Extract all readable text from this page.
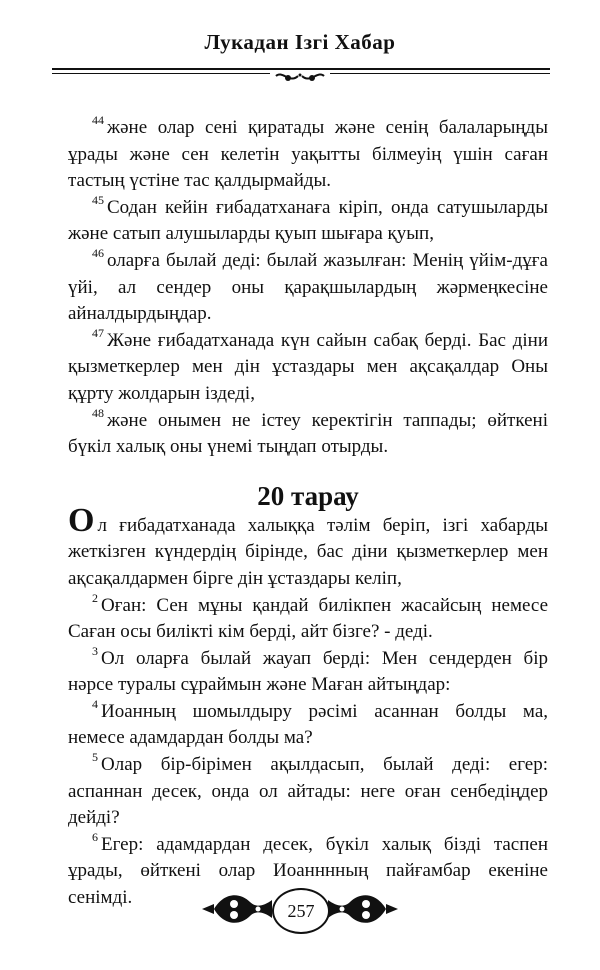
Лукадан Ізгі Хабар

$^{44}$ және олар сені қиратады және сенің балаларыңды ұрады және сен келетін уақытты білмеуің үшін саған тастың үстіне тас қалдырмайды.

$^{45}$ Содан кейін ғибадатханаға кіріп, онда сатушыларды және сатып алушыларды қуып шығара қуып,

$^{46}$ оларға былай деді: былай жазылған: Менің үйім-дұға үйі, ал сендер оны қарақшылардың жәрмеңкесіне айналдырдыңдар.

$^{47}$ Және ғибадатханада күн сайын сабақ берді. Бас діни қызметкерлер мен дін ұстаздары мен ақсақалдар Оны құрту жолдарын іздеді,

$^{48}$ және онымен не істеу керектігін таппады; өйткені бүкіл халық оны үнемі тыңдап отырды.

20 тарау

Ол ғибадатханада халыққа тәлім беріп, ізгі хабарды жеткізген күндердің бірінде, бас діни қызметкерлер мен ақсақалдармен бірге дін ұстаздары келіп,

$^2$ Оған: Сен мұны қандай билікпен жасайсың немесе Саған осы билікті кім берді, айт бізге? - деді.

$^3$ Ол оларға былай жауап берді: Мен сендерден бір нәрсе туралы сұраймын және Маған айтыңдар:

$^4$ Иоанның шомылдыру рәсімі асаннан болды ма, немесе адамдардан болды ма?

$^5$ Олар бір-бірімен ақылдасып, былай деді: егер: аспаннан десек, онда ол айтады: неге оған сенбедіңдер дейді?

$^6$ Егер: адамдардан десек, бүкіл халық бізді таспен ұрады, өйткені олар Иоанннның пайғамбар екеніне сенімді.

257
